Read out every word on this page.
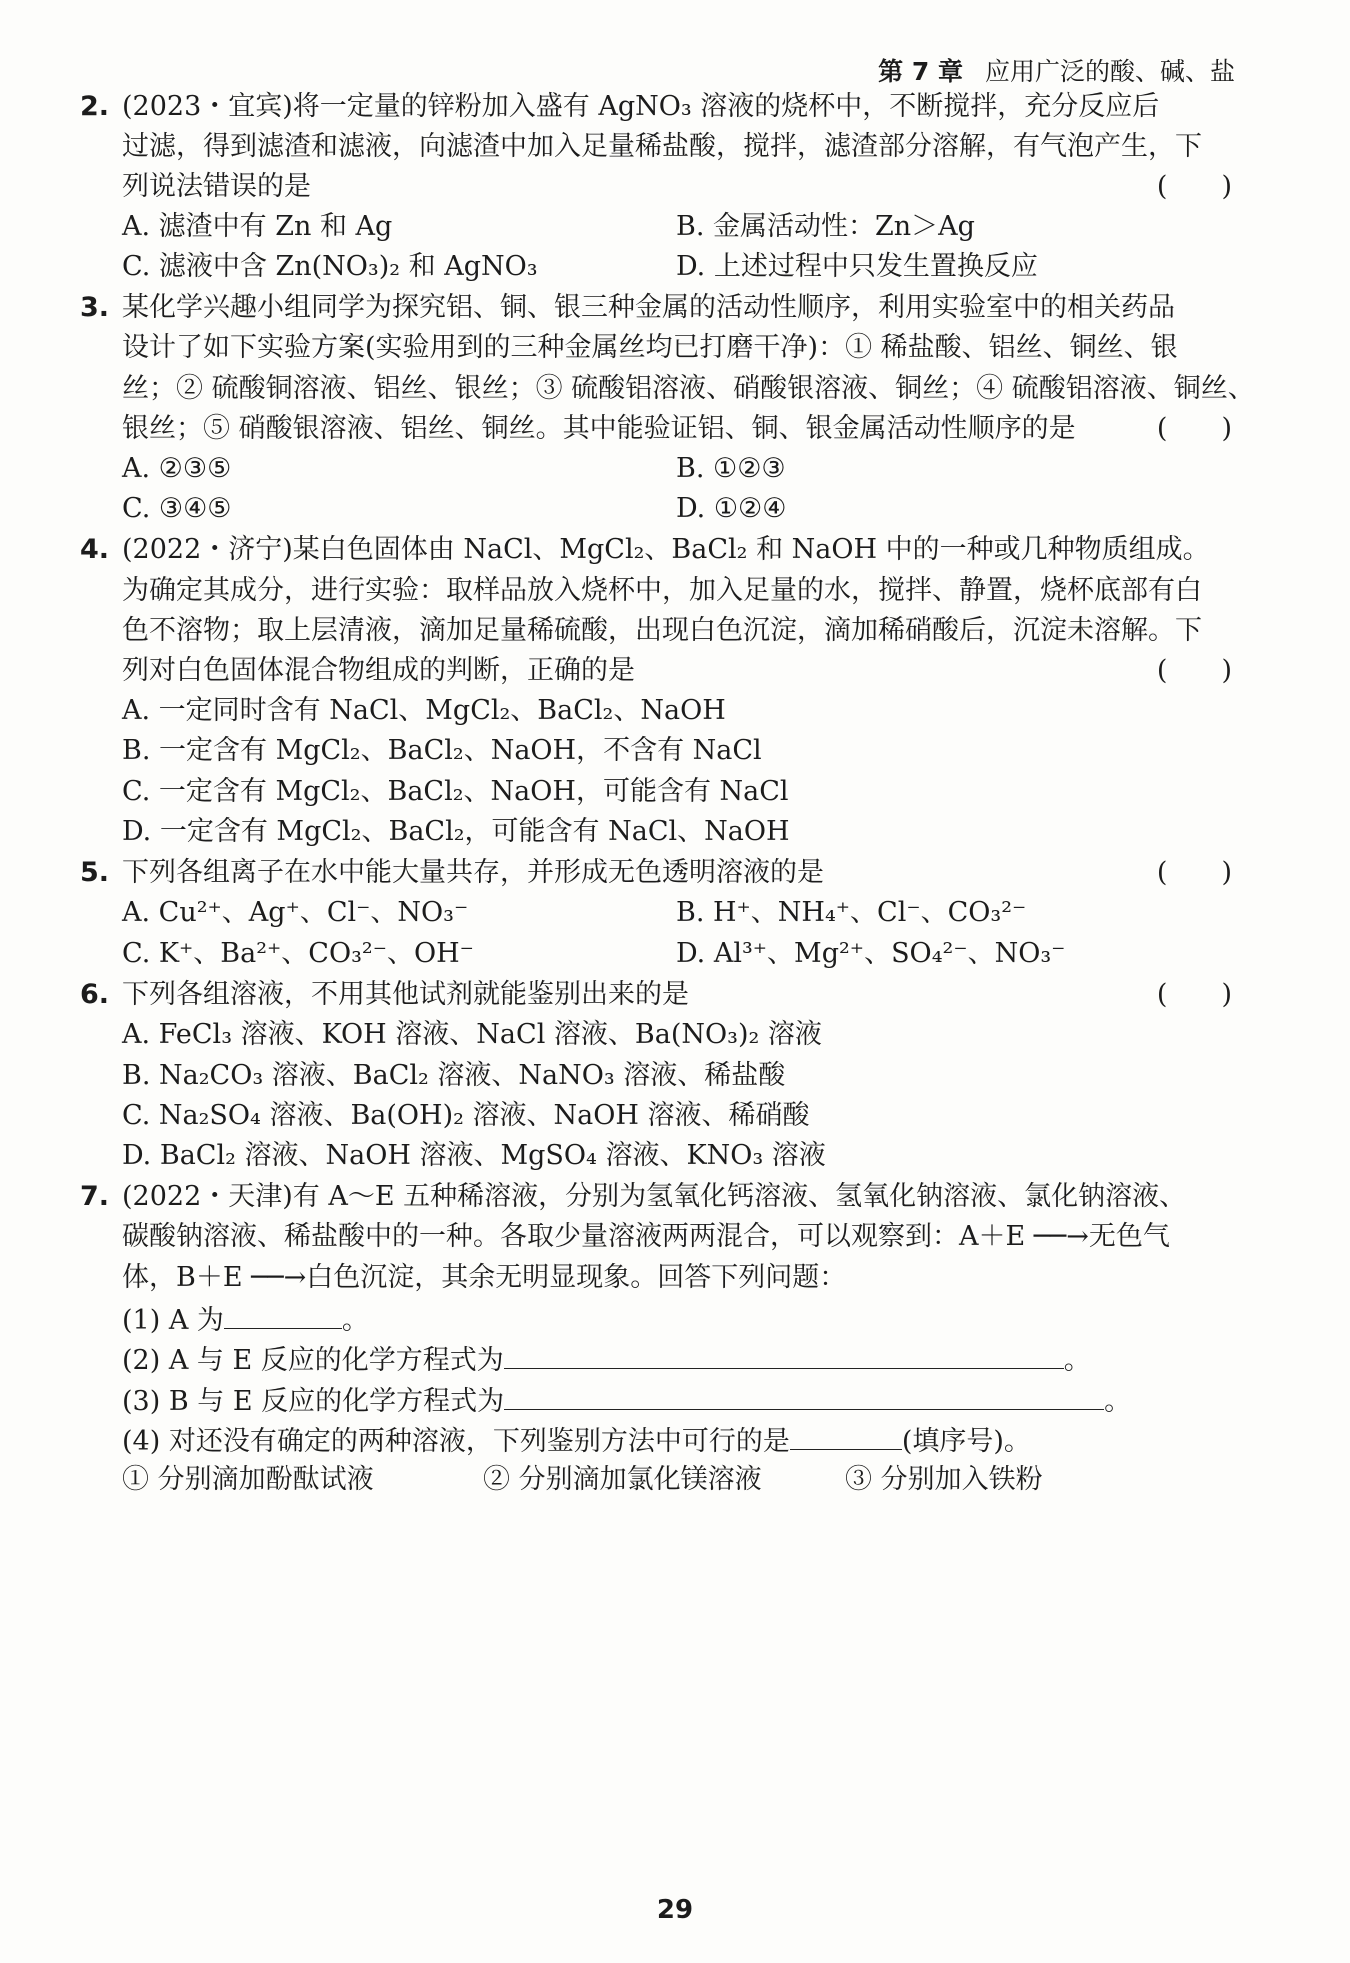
第 7 章 应用广泛的酸、碱、盐
2. (2023・宜宾)将一定量的锌粉加入盛有 AgNO₃ 溶液的烧杯中，不断搅拌，充分反应后
过滤，得到滤渣和滤液，向滤渣中加入足量稀盐酸，搅拌，滤渣部分溶解，有气泡产生，下
列说法错误的是	(　　)
A. 滤渣中有 Zn 和 Ag	B. 金属活动性：Zn＞Ag
C. 滤液中含 Zn(NO₃)₂ 和 AgNO₃	D. 上述过程中只发生置换反应
3. 某化学兴趣小组同学为探究铝、铜、银三种金属的活动性顺序，利用实验室中的相关药品
设计了如下实验方案(实验用到的三种金属丝均已打磨干净)：① 稀盐酸、铝丝、铜丝、银
丝；② 硫酸铜溶液、铝丝、银丝；③ 硫酸铝溶液、硝酸银溶液、铜丝；④ 硫酸铝溶液、铜丝、
银丝；⑤ 硝酸银溶液、铝丝、铜丝。其中能验证铝、铜、银金属活动性顺序的是	(　　)
A. ②③⑤	B. ①②③
C. ③④⑤	D. ①②④
4. (2022・济宁)某白色固体由 NaCl、MgCl₂、BaCl₂ 和 NaOH 中的一种或几种物质组成。
为确定其成分，进行实验：取样品放入烧杯中，加入足量的水，搅拌、静置，烧杯底部有白
色不溶物；取上层清液，滴加足量稀硫酸，出现白色沉淀，滴加稀硝酸后，沉淀未溶解。下
列对白色固体混合物组成的判断，正确的是	(　　)
A. 一定同时含有 NaCl、MgCl₂、BaCl₂、NaOH
B. 一定含有 MgCl₂、BaCl₂、NaOH，不含有 NaCl
C. 一定含有 MgCl₂、BaCl₂、NaOH，可能含有 NaCl
D. 一定含有 MgCl₂、BaCl₂，可能含有 NaCl、NaOH
5. 下列各组离子在水中能大量共存，并形成无色透明溶液的是	(　　)
A. Cu²⁺、Ag⁺、Cl⁻、NO₃⁻	B. H⁺、NH₄⁺、Cl⁻、CO₃²⁻
C. K⁺、Ba²⁺、CO₃²⁻、OH⁻	D. Al³⁺、Mg²⁺、SO₄²⁻、NO₃⁻
6. 下列各组溶液，不用其他试剂就能鉴别出来的是	(　　)
A. FeCl₃ 溶液、KOH 溶液、NaCl 溶液、Ba(NO₃)₂ 溶液
B. Na₂CO₃ 溶液、BaCl₂ 溶液、NaNO₃ 溶液、稀盐酸
C. Na₂SO₄ 溶液、Ba(OH)₂ 溶液、NaOH 溶液、稀硝酸
D. BaCl₂ 溶液、NaOH 溶液、MgSO₄ 溶液、KNO₃ 溶液
7. (2022・天津)有 A～E 五种稀溶液，分别为氢氧化钙溶液、氢氧化钠溶液、氯化钠溶液、
碳酸钠溶液、稀盐酸中的一种。各取少量溶液两两混合，可以观察到：A＋E ──→无色气
体，B＋E ──→白色沉淀，其余无明显现象。回答下列问题：
(1) A 为	。
(2) A 与 E 反应的化学方程式为	。
(3) B 与 E 反应的化学方程式为	。
(4) 对还没有确定的两种溶液，下列鉴别方法中可行的是	(填序号)。
① 分别滴加酚酞试液	② 分别滴加氯化镁溶液	③ 分别加入铁粉
29
